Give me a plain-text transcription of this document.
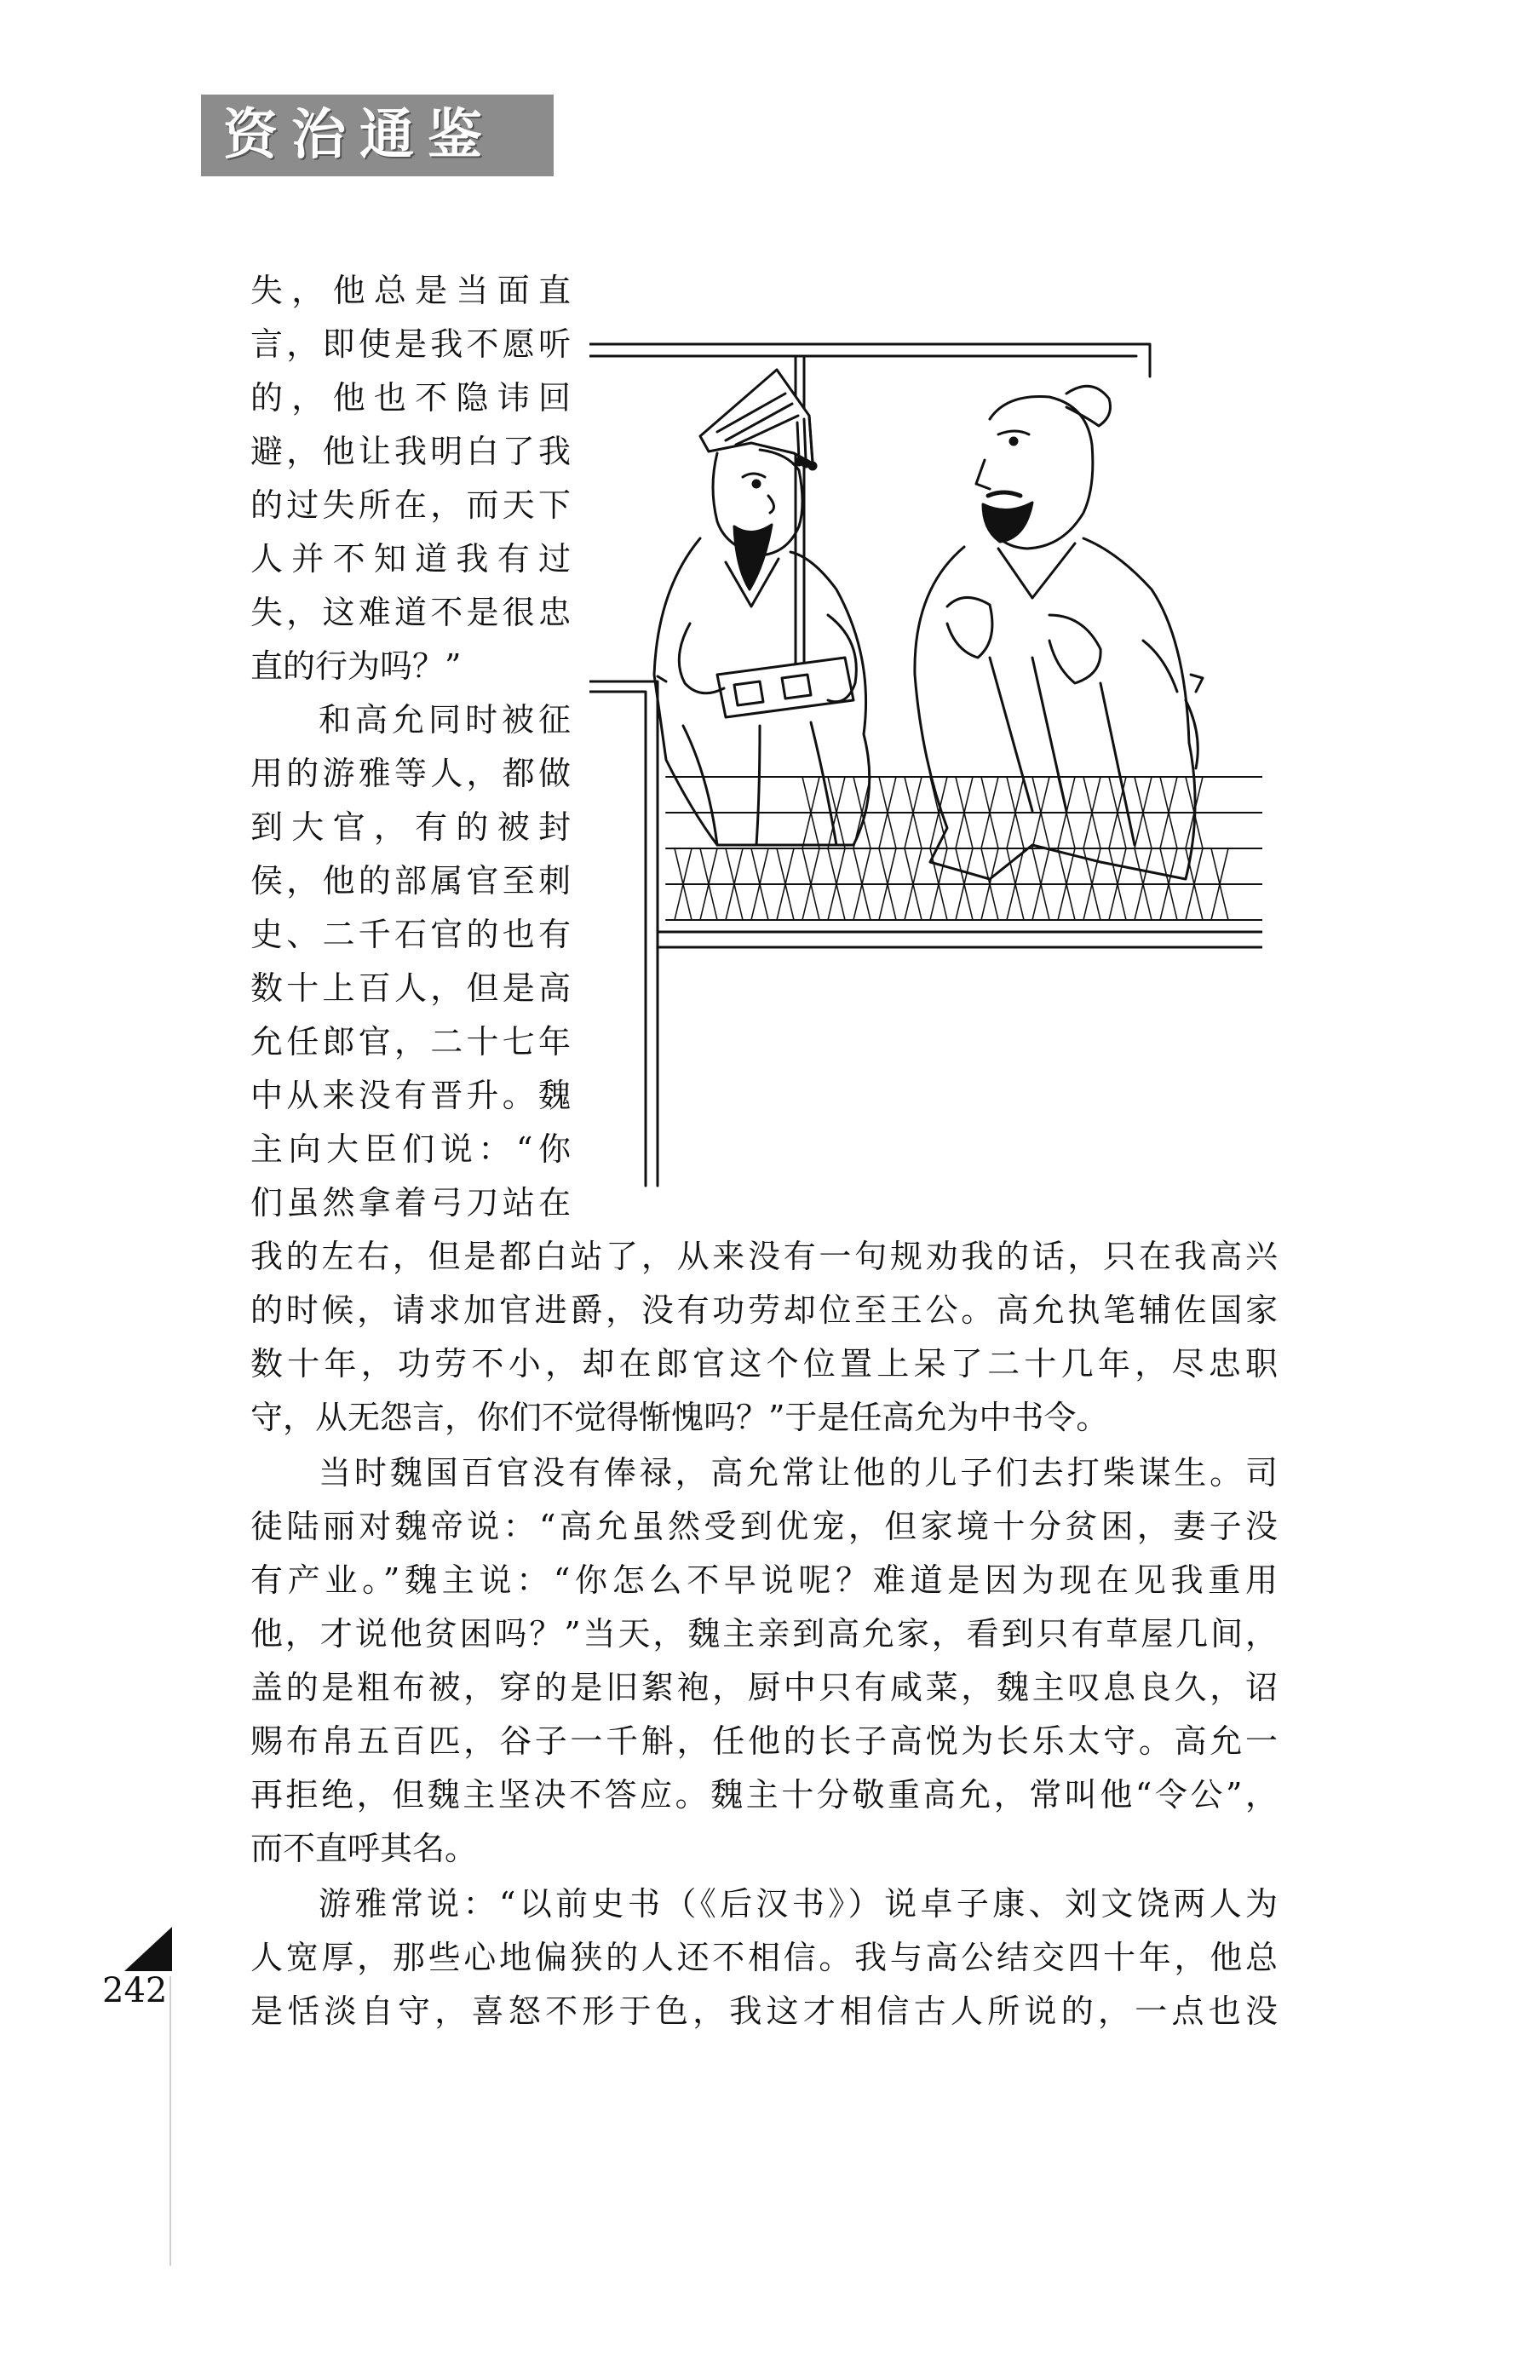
资治通鉴
失，他总是当面直
言，即使是我不愿听
的，他也不隐讳回
避，他让我明白了我
的过失所在，而天下
人并不知道我有过
失，这难道不是很忠
直的行为吗？”
和高允同时被征
用的游雅等人，都做
到大官，有的被封
侯，他的部属官至刺
史、二千石官的也有
数十上百人，但是高
允任郎官，二十七年
中从来没有晋升。魏
主向大臣们说：“你
们虽然拿着弓刀站在
我的左右，但是都白站了，从来没有一句规劝我的话，只在我高兴
的时候，请求加官进爵，没有功劳却位至王公。高允执笔辅佐国家
数十年，功劳不小，却在郎官这个位置上呆了二十几年，尽忠职
守，从无怨言，你们不觉得惭愧吗？”于是任高允为中书令。
当时魏国百官没有俸禄，高允常让他的儿子们去打柴谋生。司
徒陆丽对魏帝说：“高允虽然受到优宠，但家境十分贫困，妻子没
有产业。”魏主说：“你怎么不早说呢？难道是因为现在见我重用
他，才说他贫困吗？”当天，魏主亲到高允家，看到只有草屋几间，
盖的是粗布被，穿的是旧絮袍，厨中只有咸菜，魏主叹息良久，诏
赐布帛五百匹，谷子一千斛，任他的长子高悦为长乐太守。高允一
再拒绝，但魏主坚决不答应。魏主十分敬重高允，常叫他“令公”，
而不直呼其名。
游雅常说：“以前史书（《后汉书》）说卓子康、刘文饶两人为
人宽厚，那些心地偏狭的人还不相信。我与高公结交四十年，他总
是恬淡自守，喜怒不形于色，我这才相信古人所说的，一点也没
242
